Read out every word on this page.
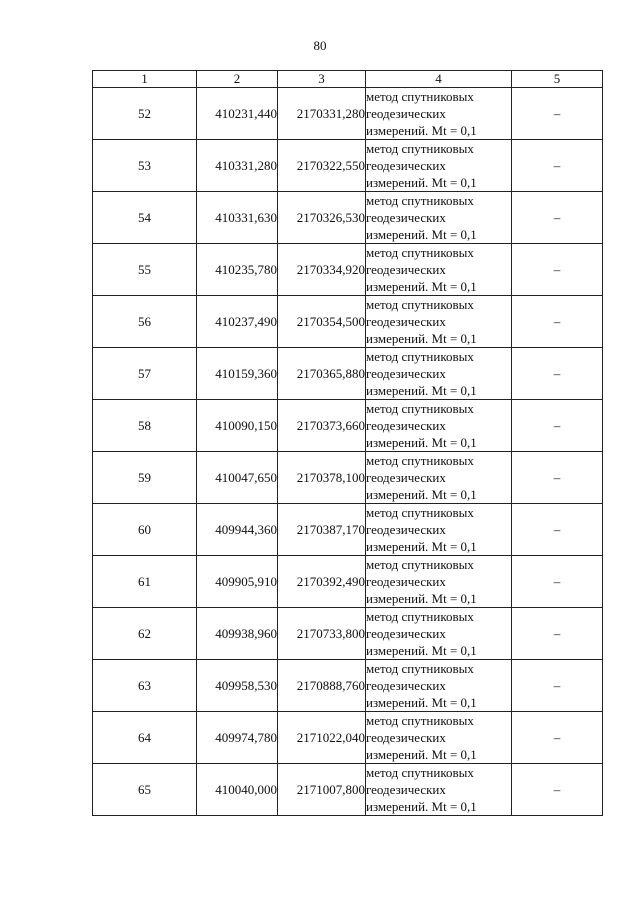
80
1	2	3	4	5
52	410231,440	2170331,280	метод спутниковых
геодезических
измерений. Mt = 0,1	–
53	410331,280	2170322,550	метод спутниковых
геодезических
измерений. Mt = 0,1	–
54	410331,630	2170326,530	метод спутниковых
геодезических
измерений. Mt = 0,1	–
55	410235,780	2170334,920	метод спутниковых
геодезических
измерений. Mt = 0,1	–
56	410237,490	2170354,500	метод спутниковых
геодезических
измерений. Mt = 0,1	–
57	410159,360	2170365,880	метод спутниковых
геодезических
измерений. Mt = 0,1	–
58	410090,150	2170373,660	метод спутниковых
геодезических
измерений. Mt = 0,1	–
59	410047,650	2170378,100	метод спутниковых
геодезических
измерений. Mt = 0,1	–
60	409944,360	2170387,170	метод спутниковых
геодезических
измерений. Mt = 0,1	–
61	409905,910	2170392,490	метод спутниковых
геодезических
измерений. Mt = 0,1	–
62	409938,960	2170733,800	метод спутниковых
геодезических
измерений. Mt = 0,1	–
63	409958,530	2170888,760	метод спутниковых
геодезических
измерений. Mt = 0,1	–
64	409974,780	2171022,040	метод спутниковых
геодезических
измерений. Mt = 0,1	–
65	410040,000	2171007,800	метод спутниковых
геодезических
измерений. Mt = 0,1	–
